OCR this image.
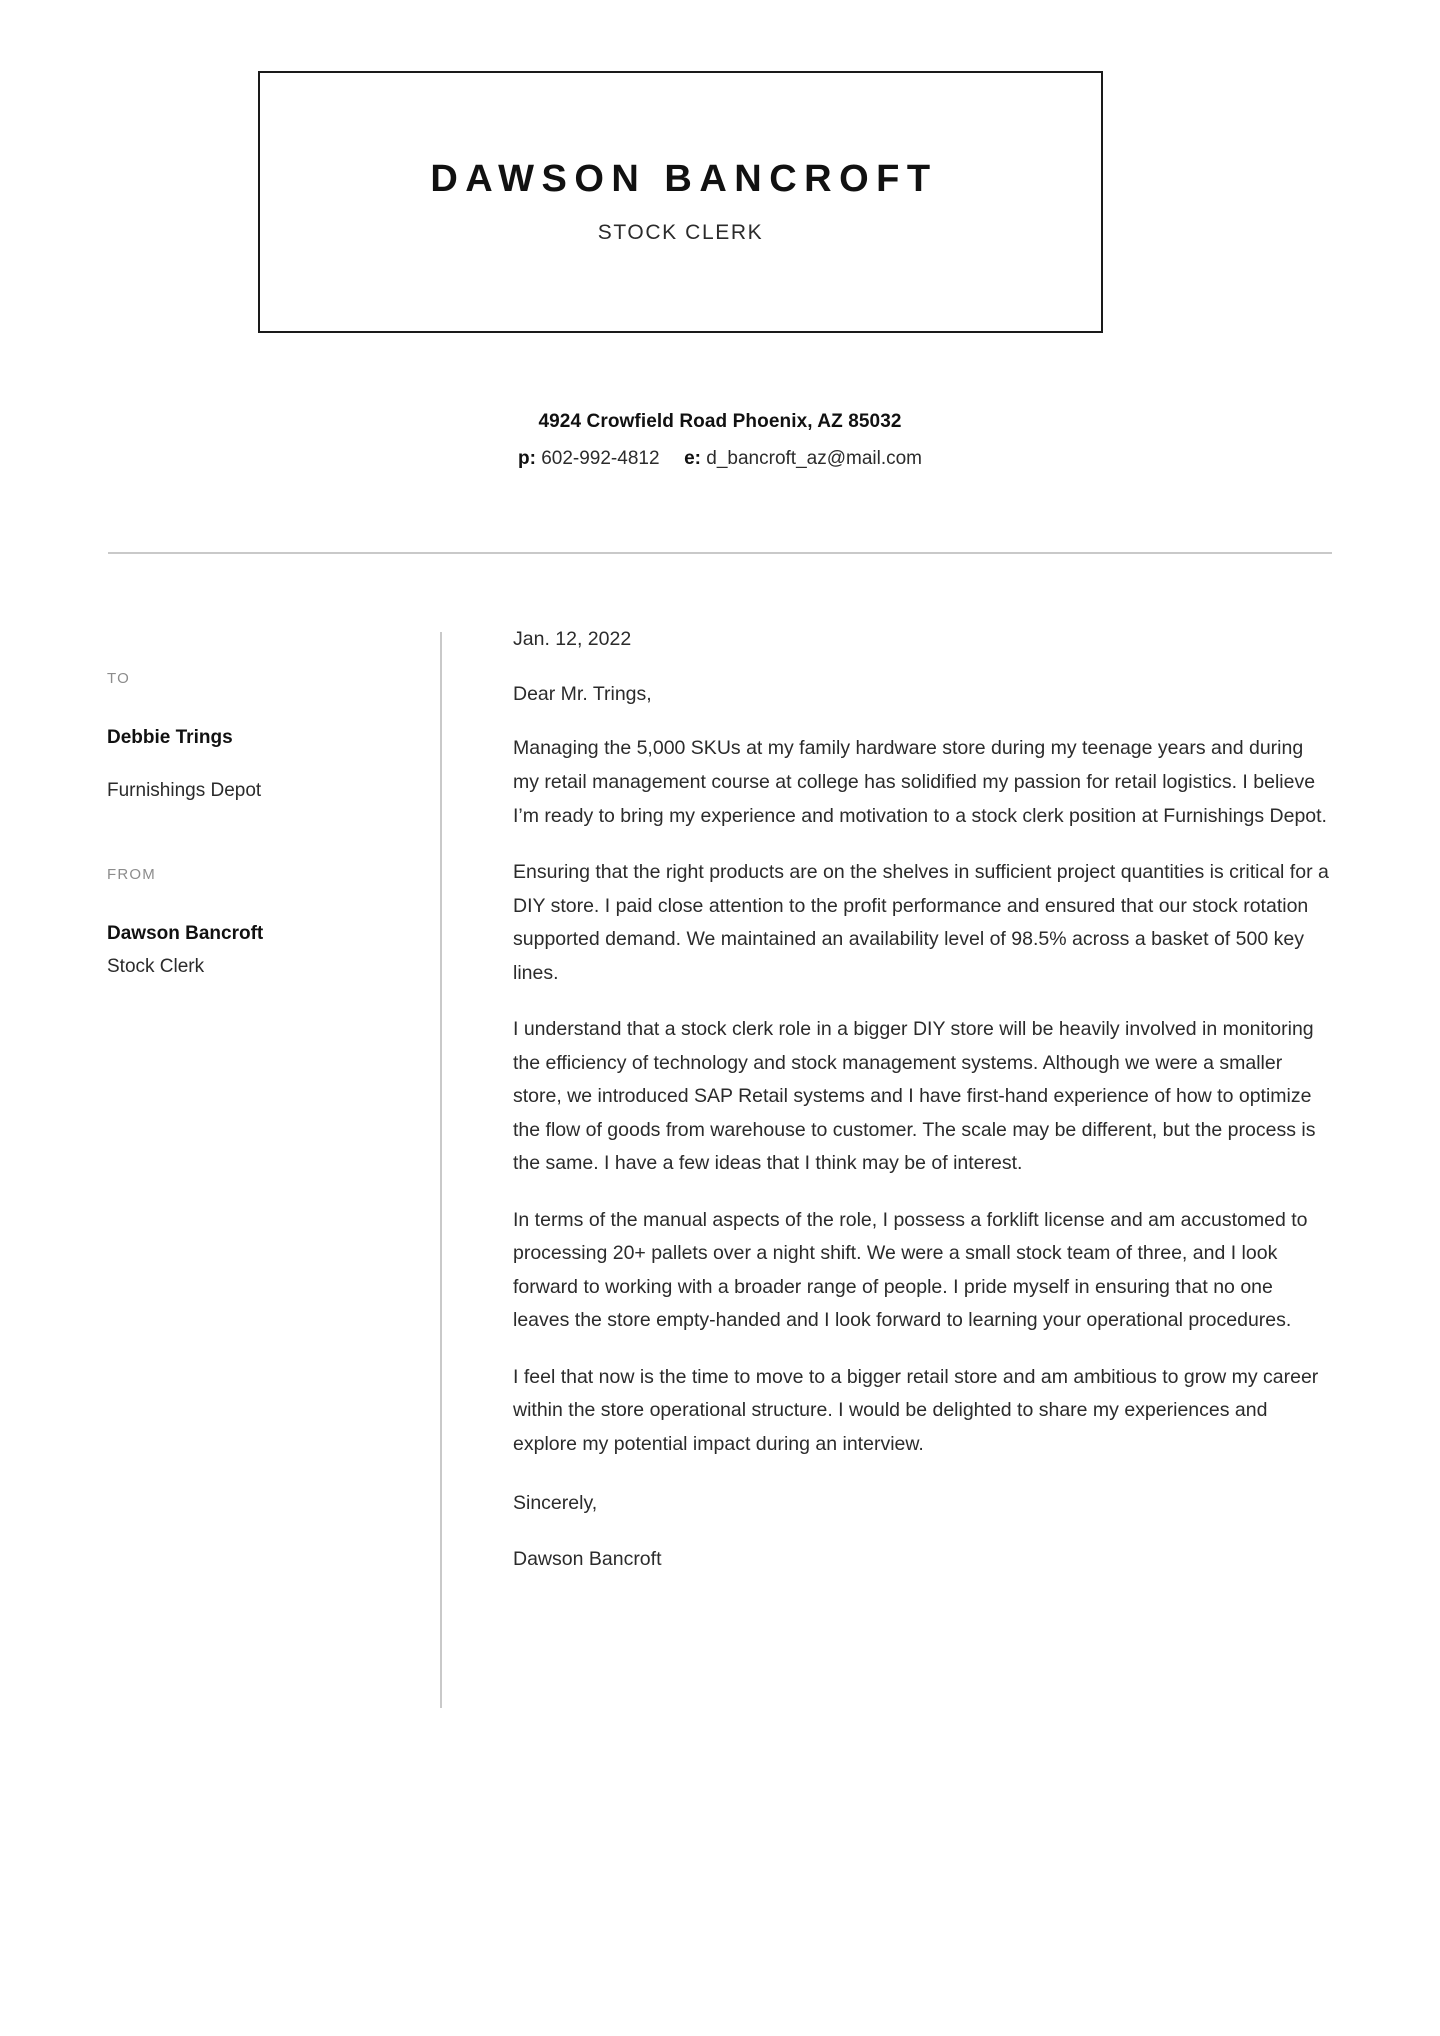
DAWSON BANCROFT
STOCK CLERK
4924 Crowfield Road Phoenix, AZ 85032
p: 602-992-4812 e: d_bancroft_az@mail.com
TO
Debbie Trings
Furnishings Depot
FROM
Dawson Bancroft
Stock Clerk
Jan. 12, 2022
Dear Mr. Trings,
Managing the 5,000 SKUs at my family hardware store during my teenage years and during my retail management course at college has solidified my passion for retail logistics. I believe I’m ready to bring my experience and motivation to a stock clerk position at Furnishings Depot.
Ensuring that the right products are on the shelves in sufficient project quantities is critical for a DIY store. I paid close attention to the profit performance and ensured that our stock rotation supported demand. We maintained an availability level of 98.5% across a basket of 500 key lines.
I understand that a stock clerk role in a bigger DIY store will be heavily involved in monitoring the efficiency of technology and stock management systems. Although we were a smaller store, we introduced SAP Retail systems and I have first-hand experience of how to optimize the flow of goods from warehouse to customer. The scale may be different, but the process is the same. I have a few ideas that I think may be of interest.
In terms of the manual aspects of the role, I possess a forklift license and am accustomed to processing 20+ pallets over a night shift. We were a small stock team of three, and I look forward to working with a broader range of people. I pride myself in ensuring that no one leaves the store empty-handed and I look forward to learning your operational procedures.
I feel that now is the time to move to a bigger retail store and am ambitious to grow my career within the store operational structure. I would be delighted to share my experiences and explore my potential impact during an interview.
Sincerely,
Dawson Bancroft
